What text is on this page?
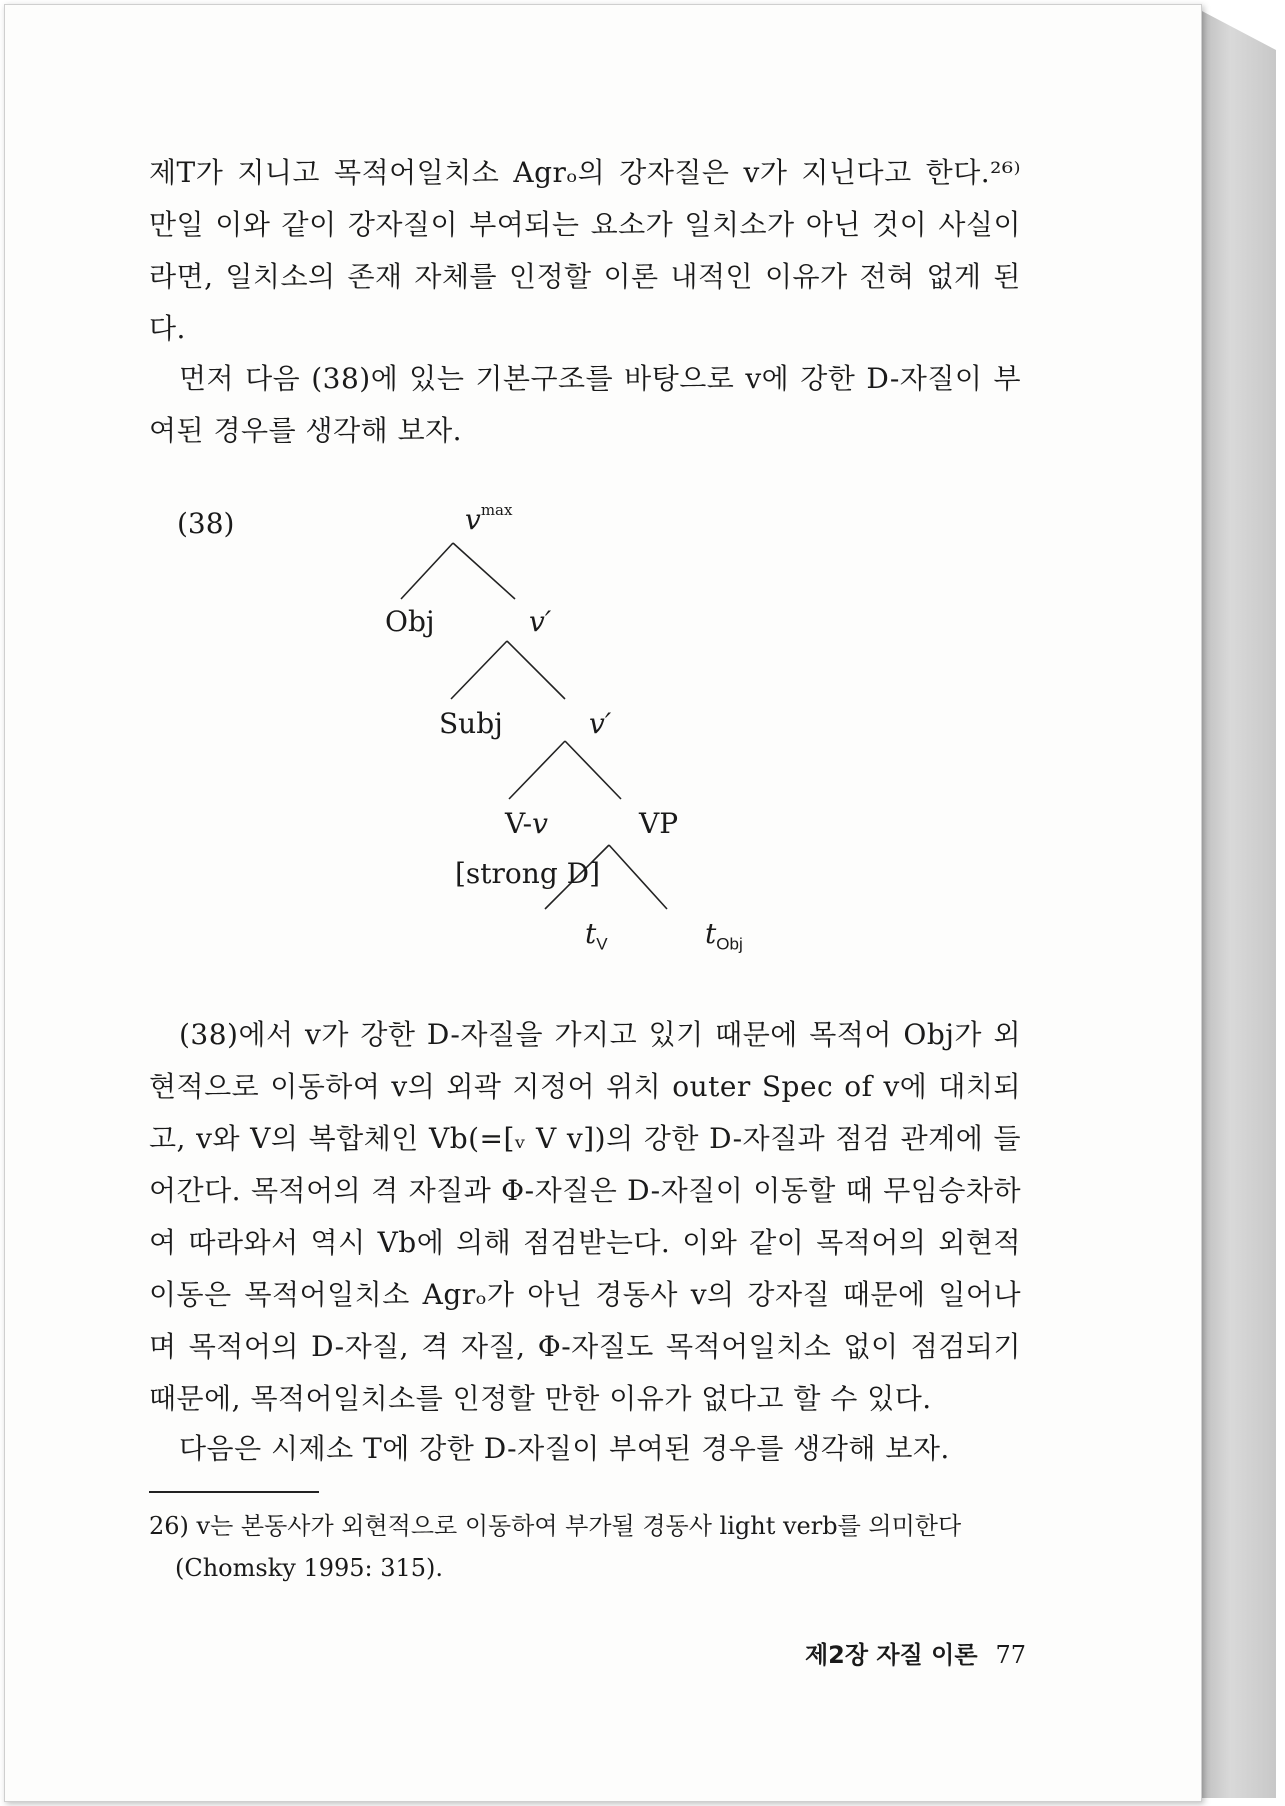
제T가 지니고 목적어일치소 Agrₒ의 강자질은 v가 지닌다고 한다.²⁶⁾ 만일 이와 같이 강자질이 부여되는 요소가 일치소가 아닌 것이 사실이라면, 일치소의 존재 자체를 인정할 이론 내적인 이유가 전혀 없게 된다.
먼저 다음 (38)에 있는 기본구조를 바탕으로 v에 강한 D-자질이 부여된 경우를 생각해 보자.
(38)	$v^{max}$
Obj	v′
Subj	v′
V-v	VP
[strong D]
$t_V$	$t_{Obj}$
(38)에서 v가 강한 D-자질을 가지고 있기 때문에 목적어 Obj가 외현적으로 이동하여 v의 외곽 지정어 위치 outer Spec of v에 대치되고, v와 V의 복합체인 Vb(=[ᵥ V v])의 강한 D-자질과 점검 관계에 들어간다. 목적어의 격 자질과 Φ-자질은 D-자질이 이동할 때 무임승차하여 따라와서 역시 Vb에 의해 점검받는다. 이와 같이 목적어의 외현적 이동은 목적어일치소 Agrₒ가 아닌 경동사 v의 강자질 때문에 일어나며 목적어의 D-자질, 격 자질, Φ-자질도 목적어일치소 없이 점검되기 때문에, 목적어일치소를 인정할 만한 이유가 없다고 할 수 있다.
다음은 시제소 T에 강한 D-자질이 부여된 경우를 생각해 보자.
26) v는 본동사가 외현적으로 이동하여 부가될 경동사 light verb를 의미한다
(Chomsky 1995: 315).
제2장 자질 이론 77
